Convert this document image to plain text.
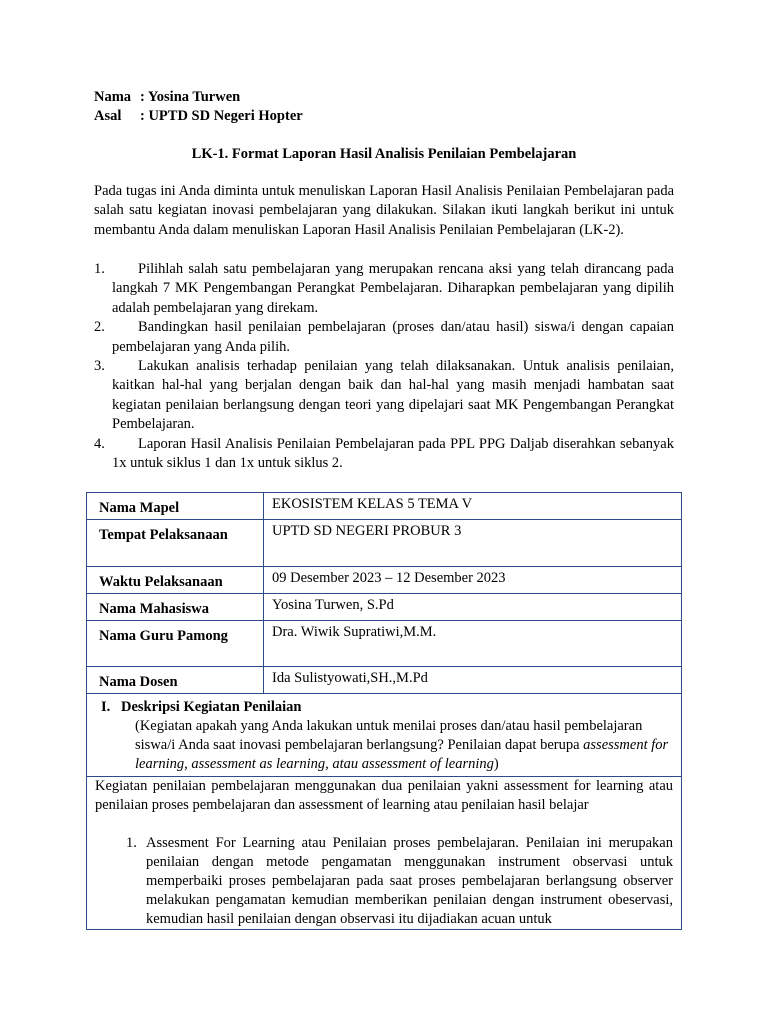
Nama : Yosina Turwen
Asal	: UPTD SD Negeri Hopter
LK-1. Format Laporan Hasil Analisis Penilaian Pembelajaran
Pada tugas ini Anda diminta untuk menuliskan Laporan Hasil Analisis Penilaian Pembelajaran pada salah satu kegiatan inovasi pembelajaran yang dilakukan. Silakan ikuti langkah berikut ini untuk membantu Anda dalam menuliskan Laporan Hasil Analisis Penilaian Pembelajaran (LK-2).
1.	Pilihlah salah satu pembelajaran yang merupakan rencana aksi yang telah dirancang pada langkah 7 MK Pengembangan Perangkat Pembelajaran. Diharapkan pembelajaran yang dipilih adalah pembelajaran yang direkam.
2.	Bandingkan hasil penilaian pembelajaran (proses dan/atau hasil) siswa/i dengan capaian pembelajaran yang Anda pilih.
3.	Lakukan analisis terhadap penilaian yang telah dilaksanakan. Untuk analisis penilaian, kaitkan hal-hal yang berjalan dengan baik dan hal-hal yang masih menjadi hambatan saat kegiatan penilaian berlangsung dengan teori yang dipelajari saat MK Pengembangan Perangkat Pembelajaran.
4.	Laporan Hasil Analisis Penilaian Pembelajaran pada PPL PPG Daljab diserahkan sebanyak 1x untuk siklus 1 dan 1x untuk siklus 2.
Nama Mapel	EKOSISTEM KELAS 5 TEMA V
Tempat Pelaksanaan	UPTD SD NEGERI PROBUR 3
Waktu Pelaksanaan	09 Desember 2023 – 12 Desember 2023
Nama Mahasiswa	Yosina Turwen, S.Pd
Nama Guru Pamong	Dra. Wiwik Supratiwi,M.M.
Nama Dosen	Ida Sulistyowati,SH.,M.Pd

I. Deskripsi Kegiatan Penilaian
(Kegiatan apakah yang Anda lakukan untuk menilai proses dan/atau hasil pembelajaran siswa/i Anda saat inovasi pembelajaran berlangsung? Penilaian dapat berupa assessment for learning, assessment as learning, atau assessment of learning)	

Kegiatan penilaian pembelajaran menggunakan dua penilaian yakni assessment for learning atau penilaian proses pembelajaran dan assessment of learning atau penilaian hasil belajar
1. Assesment For Learning atau Penilaian proses pembelajaran. Penilaian ini merupakan penilaian dengan metode pengamatan menggunakan instrument observasi untuk memperbaiki proses pembelajaran pada saat proses pembelajaran berlangsung observer melakukan pengamatan kemudian memberikan penilaian dengan instrument obeservasi, kemudian hasil penilaian dengan observasi itu dijadiakan acuan untuk	
